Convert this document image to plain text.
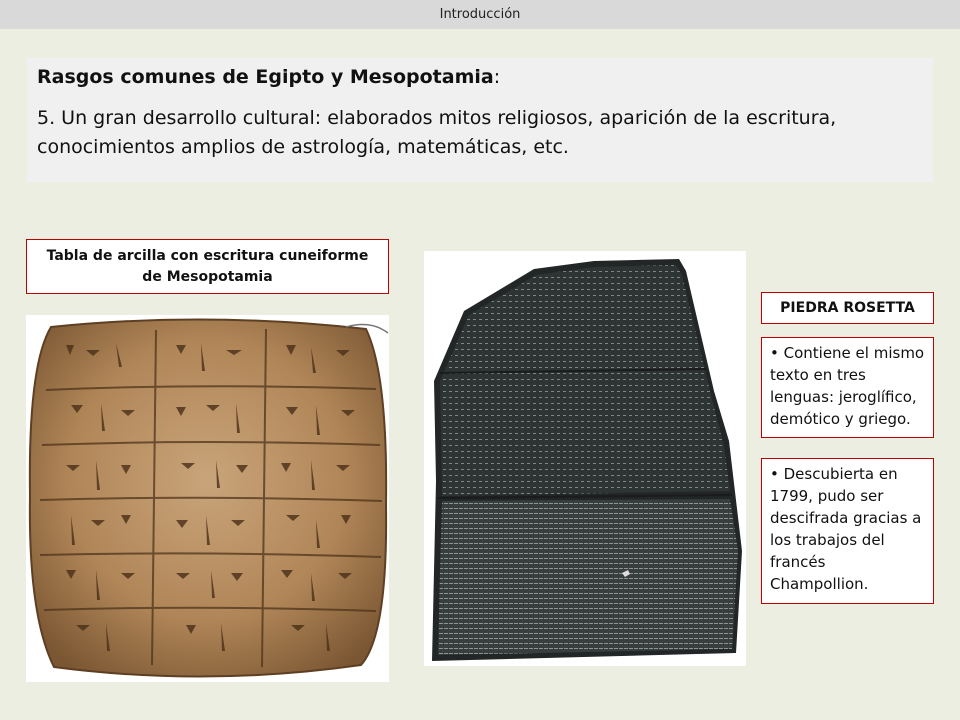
Introducción

Rasgos comunes de Egipto y Mesopotamia:

5. Un gran desarrollo cultural: elaborados mitos religiosos, aparición de la escritura, conocimientos amplios de astrología, matemáticas, etc.

Tabla de arcilla con escritura cuneiforme de Mesopotamia
PIEDRA ROSETTA
• Contiene el mismo texto en tres lenguas: jeroglífico, demótico y griego.
• Descubierta en 1799, pudo ser descifrada gracias a los trabajos del francés Champollion.
